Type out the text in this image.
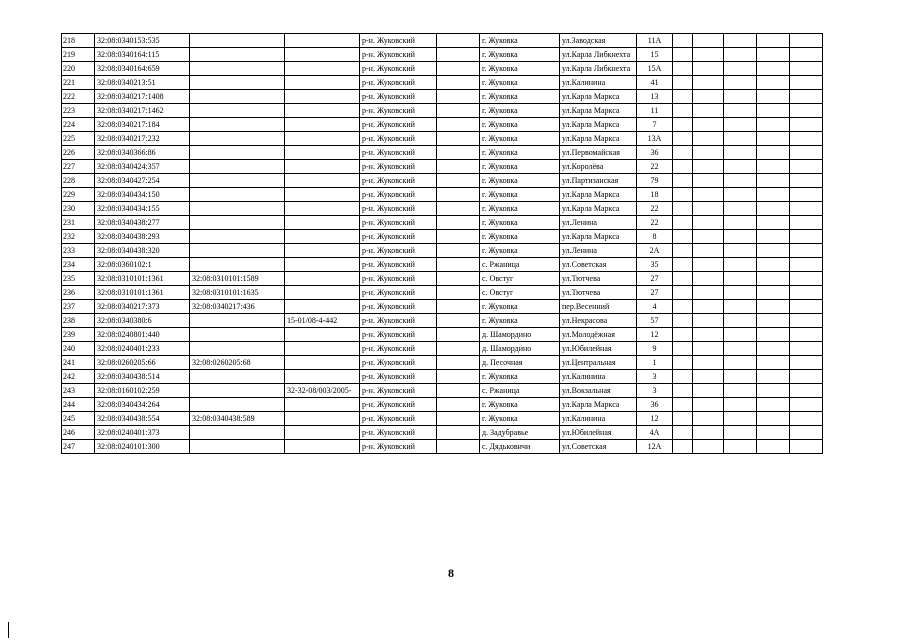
218	32:08:0340153:535			р-н. Жуковский		г. Жуковка	ул.Заводская	11А					
219	32:08:0340164:115			р-н. Жуковский		г. Жуковка	ул.Карла Либкнехта	15					
220	32:08:0340164:659			р-н. Жуковский		г. Жуковка	ул.Карла Либкнехта	15А					
221	32:08:0340213:51			р-н. Жуковский		г. Жуковка	ул.Калинина	41					
222	32:08:0340217:1408			р-н. Жуковский		г. Жуковка	ул.Карла Маркса	13					
223	32:08:0340217:1462			р-н. Жуковский		г. Жуковка	ул.Карла Маркса	11					
224	32:08:0340217:184			р-н. Жуковский		г. Жуковка	ул.Карла Маркса	7					
225	32:08:0340217:232			р-н. Жуковский		г. Жуковка	ул.Карла Маркса	13А					
226	32:08:0340366:86			р-н. Жуковский		г. Жуковка	ул.Первомайская	36					
227	32:08:0340424:357			р-н. Жуковский		г. Жуковка	ул.Королёва	22					
228	32:08:0340427:254			р-н. Жуковский		г. Жуковка	ул.Партизанская	79					
229	32:08:0340434:150			р-н. Жуковский		г. Жуковка	ул.Карла Маркса	18					
230	32:08:0340434:155			р-н. Жуковский		г. Жуковка	ул.Карла Маркса	22					
231	32:08:0340438:277			р-н. Жуковский		г. Жуковка	ул.Ленина	22					
232	32:08:0340438:293			р-н. Жуковский		г. Жуковка	ул.Карла Маркса	8					
233	32:08:0340438:320			р-н. Жуковский		г. Жуковка	ул.Ленина	2А					
234	32:08:0360102:1			р-н. Жуковский		с. Ржаница	ул.Советская	35					
235	32:08:0310101:1361	32:08:0310101:1589		р-н. Жуковский		с. Овстуг	ул.Тютчева	27					
236	32:08:0310101:1361	32:08:0310101:1635		р-н. Жуковский		с. Овстуг	ул.Тютчева	27					
237	32:08:0340217:373	32:08:0340217:436		р-н. Жуковский		г. Жуковка	пер.Весенний	4					
238	32:08:0340380:6		15-01/08-4-442	р-н. Жуковский		г. Жуковка	ул.Некрасова	57					
239	32:08:0240801:440			р-н. Жуковский		д. Шамордино	ул.Молодёжная	12					
240	32:08:0240401:233			р-н. Жуковский		д. Шамордино	ул.Юбилейная	9					
241	32:08:0260205:66	32:08:0260205:68		р-н. Жуковский		д. Песочная	ул.Центральная	1					
242	32:08:0340438:514			р-н. Жуковский		г. Жуковка	ул.Калинина	3					
243	32:08:0160102:259		32-32-08/003/2005-	р-н. Жуковский		с. Ржаница	ул.Вокзальная	3					
244	32:08:0340434:264			р-н. Жуковский		г. Жуковка	ул.Карла Маркса	36					
245	32:08:0340438:554	32:08:0340438:589		р-н. Жуковский		г. Жуковка	ул.Калинина	12					
246	32:08:0240401:373			р-н. Жуковский		д. Задубравье	ул.Юбилейная	4А					
247	32:08:0240101:300			р-н. Жуковский		с. Дядьковичи	ул.Советская	12А					
8
